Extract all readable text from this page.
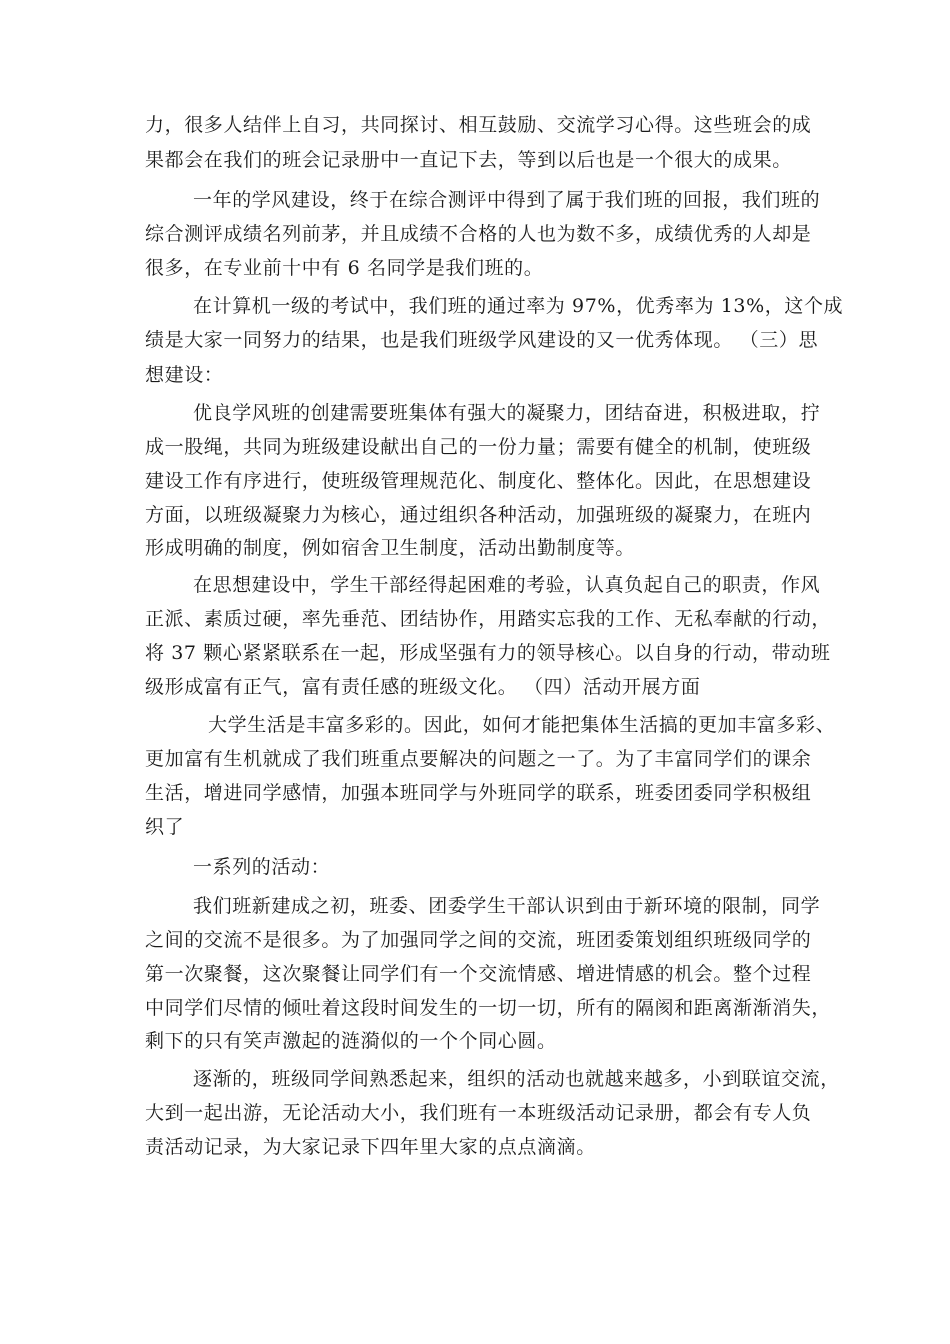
力，很多人结伴上自习，共同探讨、相互鼓励、交流学习心得。这些班会的成
果都会在我们的班会记录册中一直记下去，等到以后也是一个很大的成果。
一年的学风建设，终于在综合测评中得到了属于我们班的回报，我们班的
综合测评成绩名列前茅，并且成绩不合格的人也为数不多，成绩优秀的人却是
很多，在专业前十中有 6 名同学是我们班的。
在计算机一级的考试中，我们班的通过率为 97%，优秀率为 13%，这个成
绩是大家一同努力的结果，也是我们班级学风建设的又一优秀体现。 （三）思
想建设：
优良学风班的创建需要班集体有强大的凝聚力，团结奋进，积极进取，拧
成一股绳，共同为班级建设献出自己的一份力量；需要有健全的机制，使班级
建设工作有序进行，使班级管理规范化、制度化、整体化。因此，在思想建设
方面，以班级凝聚力为核心，通过组织各种活动，加强班级的凝聚力，在班内
形成明确的制度，例如宿舍卫生制度，活动出勤制度等。
在思想建设中，学生干部经得起困难的考验，认真负起自己的职责，作风
正派、素质过硬，率先垂范、团结协作，用踏实忘我的工作、无私奉献的行动，
将 37 颗心紧紧联系在一起，形成坚强有力的领导核心。以自身的行动，带动班
级形成富有正气，富有责任感的班级文化。 （四）活动开展方面
大学生活是丰富多彩的。因此，如何才能把集体生活搞的更加丰富多彩、
更加富有生机就成了我们班重点要解决的问题之一了。为了丰富同学们的课余
生活，增进同学感情，加强本班同学与外班同学的联系，班委团委同学积极组
织了
一系列的活动：
我们班新建成之初，班委、团委学生干部认识到由于新环境的限制，同学
之间的交流不是很多。为了加强同学之间的交流，班团委策划组织班级同学的
第一次聚餐，这次聚餐让同学们有一个交流情感、增进情感的机会。整个过程
中同学们尽情的倾吐着这段时间发生的一切一切，所有的隔阂和距离渐渐消失，
剩下的只有笑声激起的涟漪似的一个个同心圆。
逐渐的，班级同学间熟悉起来，组织的活动也就越来越多，小到联谊交流，
大到一起出游，无论活动大小，我们班有一本班级活动记录册，都会有专人负
责活动记录，为大家记录下四年里大家的点点滴滴。
